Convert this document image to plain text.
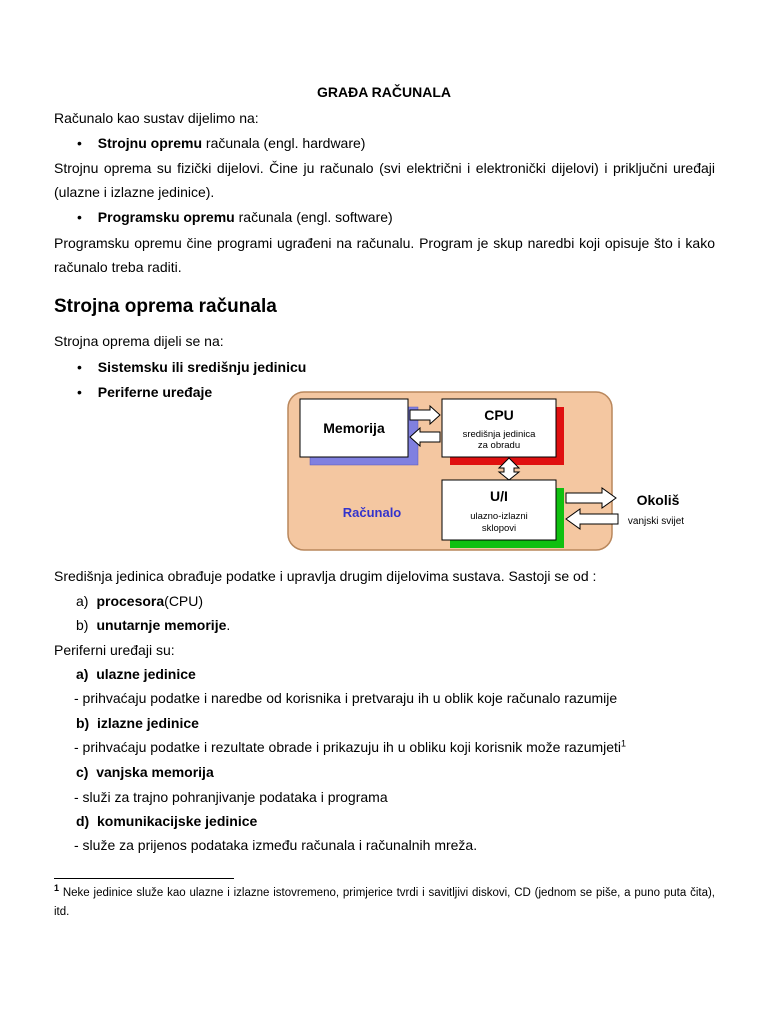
GRAĐA RAČUNALA
Računalo kao sustav dijelimo na:
• Strojnu opremu računala (engl. hardware)
Strojnu oprema su fizički dijelovi. Čine ju računalo (svi električni i elektronički dijelovi) i priključni uređaji (ulazne i izlazne jedinice).
• Programsku opremu računala (engl. software)
Programsku opremu čine programi ugrađeni na računalu. Program je skup naredbi koji opisuje što i kako računalo treba raditi.
Strojna oprema računala
Strojna oprema dijeli se na:
• Sistemsku ili središnju jedinicu
• Periferne uređaje
Memorija
CPU
središnja jedinica
za obradu
U/I
ulazno-izlazni
sklopovi
Računalo
Okoliš
vanjski svijet
Središnja jedinica obrađuje podatke i upravlja drugim dijelovima sustava. Sastoji se od :
a) procesora(CPU)
b) unutarnje memorije.
Periferni uređaji su:
a)  ulazne jedinice
- prihvaćaju podatke i naredbe od korisnika i pretvaraju ih u oblik koje računalo razumije
b)  izlazne jedinice
- prihvaćaju podatke i rezultate obrade i prikazuju ih u obliku koji korisnik može razumjeti$^1$
c)  vanjska memorija
- služi za trajno pohranjivanje podataka i programa
d)  komunikacijske jedinice
- služe za prijenos podataka između računala i računalnih mreža.
$^1$ Neke jedinice služe kao ulazne i izlazne istovremeno, primjerice tvrdi i savitljivi diskovi, CD (jednom se piše, a puno puta čita), itd.
